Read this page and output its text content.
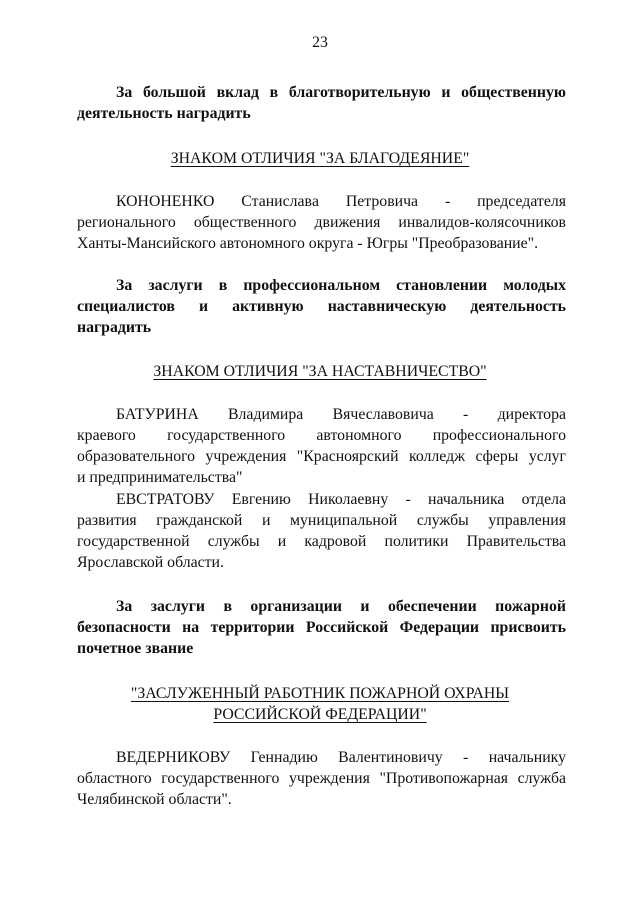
23
За большой вклад в благотворительную и общественную
деятельность наградить
ЗНАКОМ ОТЛИЧИЯ "ЗА БЛАГОДЕЯНИЕ"
КОНОНЕНКО Станиславa Петровича - председателя
регионального общественного движения инвалидов-колясочников
Ханты-Мансийского автономного округа - Югры "Преобразование".
За заслуги в профессиональном становлении молодых
специалистов и активную наставническую деятельность
наградить
ЗНАКОМ ОТЛИЧИЯ "ЗА НАСТАВНИЧЕСТВО"
БАТУРИНА Владимира Вячеславовича - директора
краевого государственного автономного профессионального
образовательного учреждения "Красноярский колледж сферы услуг
и предпринимательства"
ЕВСТРАТОВУ Евгению Николаевну - начальника отдела
развития гражданской и муниципальной службы управления
государственной службы и кадровой политики Правительства
Ярославской области.
За заслуги в организации и обеспечении пожарной
безопасности на территории Российской Федерации присвоить
почетное звание
"ЗАСЛУЖЕННЫЙ РАБОТНИК ПОЖАРНОЙ ОХРАНЫ
РОССИЙСКОЙ ФЕДЕРАЦИИ"
ВЕДЕРНИКОВУ Геннадию Валентиновичу - начальнику
областного государственного учреждения "Противопожарная служба
Челябинской области".
